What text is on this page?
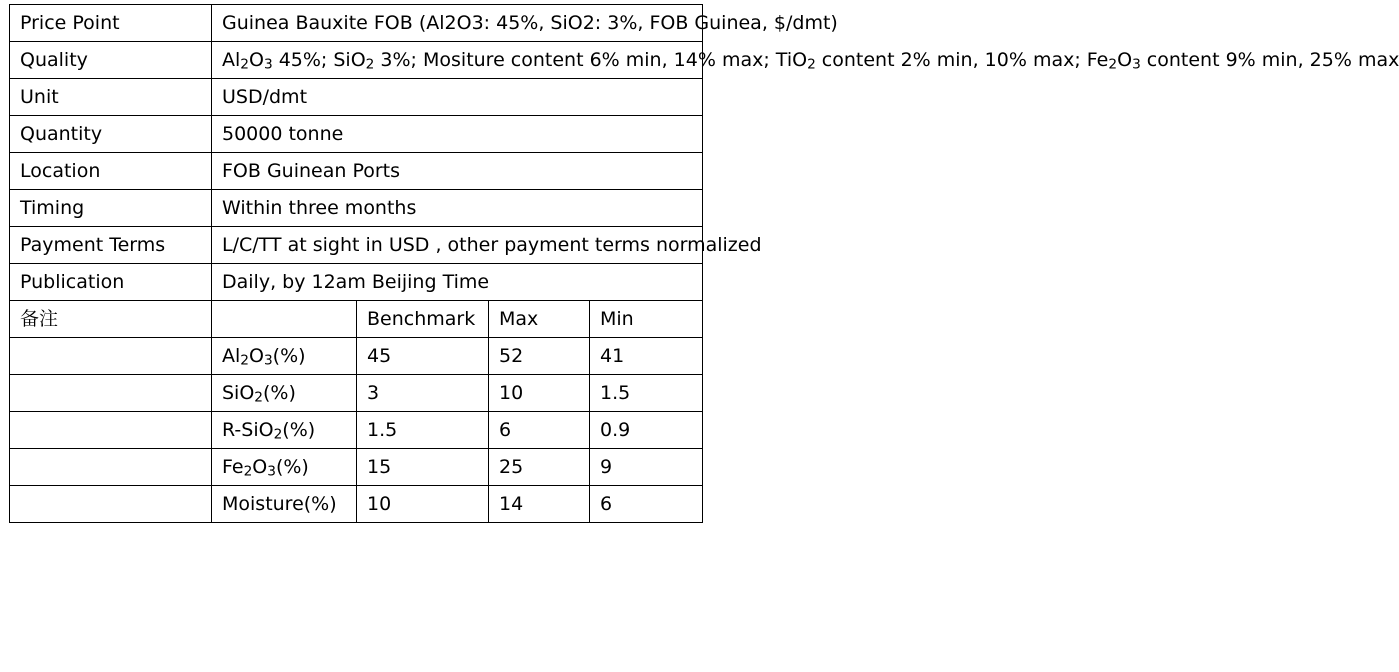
Price Point	Guinea Bauxite FOB (Al2O3: 45%, SiO2: 3%, FOB Guinea, $/dmt)			
Quality	$Al_2O_3$ 45%; SiO$_2$ 3%; Mositure content 6% min, 14% max; TiO$_2$ content 2% min, 10% max; $Fe_2O_3$ content 9% min, 25% max			
Unit	USD/dmt			
Quantity	50000 tonne			
Location	FOB Guinean Ports			
Timing	Within three months			
Payment Terms	L/C/TT at sight in USD , other payment terms normalized			
Publication	Daily, by 12am Beijing Time			
备注		Benchmark	Max	Min
	$Al_2O_3(\%)$	45	52	41
	SiO$_2$(%)	3	10	1.5
	R-SiO$_2$(%)	1.5	6	0.9
	$Fe_2O_3(\%)$	15	25	9
	Moisture(%)	10	14	6
